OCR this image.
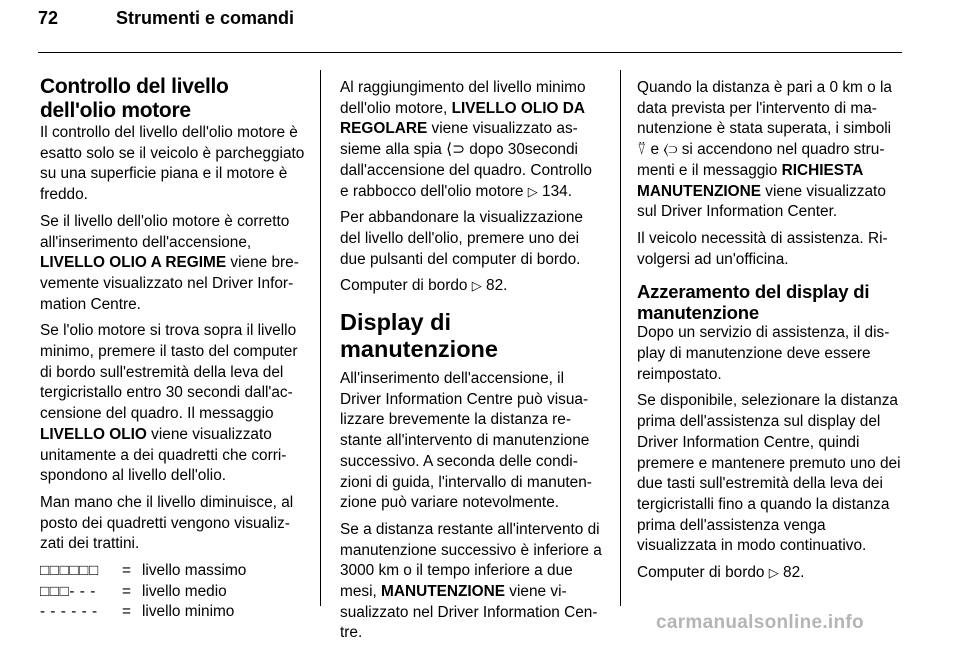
72	Strumenti e comandi
Controllo del livello dell'olio motore

Il controllo del livello dell'olio motore è esatto solo se il veicolo è parcheggiato su una superficie piana e il motore è freddo.

Se il livello dell'olio motore è corretto all'inserimento dell'accensione, LIVELLO OLIO A REGIME viene brevemente visualizzato nel Driver Information Centre.

Se l'olio motore si trova sopra il livello minimo, premere il tasto del computer di bordo sull'estremità della leva del tergicristallo entro 30 secondi dall'accensione del quadro. Il messaggio LIVELLO OLIO viene visualizzato unitamente a dei quadretti che corrispondono al livello dell'olio.

Man mano che il livello diminuisce, al posto dei quadretti vengono visualizzati dei trattini.

□□□□□□	=	livello massimo
□□□- - -	=	livello medio
- - - - - -	=	livello minimo

Al raggiungimento del livello minimo dell'olio motore, LIVELLO OLIO DA REGOLARE viene visualizzato assieme alla spia ⟨⊃ dopo 30secondi dall'accensione del quadro. Controllo e rabbocco dell'olio motore ▷ 134.

Per abbandonare la visualizzazione del livello dell'olio, premere uno dei due pulsanti del computer di bordo.

Computer di bordo ▷ 82.

Display di manutenzione

All'inserimento dell'accensione, il Driver Information Centre può visualizzare brevemente la distanza restante all'intervento di manutenzione successivo. A seconda delle condizioni di guida, l'intervallo di manutenzione può variare notevolmente.

Se a distanza restante all'intervento di manutenzione successivo è inferiore a 3000 km o il tempo inferiore a due mesi, MANUTENZIONE viene visualizzato nel Driver Information Centre.

Quando la distanza è pari a 0 km o la data prevista per l'intervento di manutenzione è stata superata, i simboli ⍢ e ⟨⊃ si accendono nel quadro strumenti e il messaggio RICHIESTA MANUTENZIONE viene visualizzato sul Driver Information Center.

Il veicolo necessità di assistenza. Rivolgersi ad un'officina.

Azzeramento del display di manutenzione

Dopo un servizio di assistenza, il display di manutenzione deve essere reimpostato.

Se disponibile, selezionare la distanza prima dell'assistenza sul display del Driver Information Centre, quindi premere e mantenere premuto uno dei due tasti sull'estremità della leva dei tergicristalli fino a quando la distanza prima dell'assistenza venga visualizzata in modo continuativo.

Computer di bordo ▷ 82.

carmanualsonline.info
